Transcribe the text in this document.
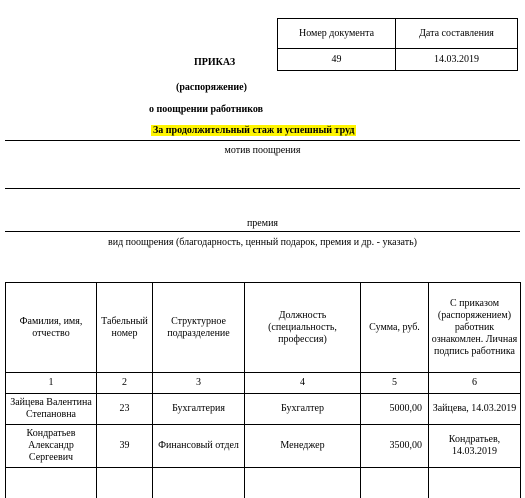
Номер документа	Дата составления
49	14.03.2019
ПРИКАЗ
(распоряжение)
о поощрении работников
За продолжительный стаж и успешный труд
мотив поощрения
премия
вид поощрения (благодарность, ценный подарок, премия и др. - указать)
Фамилия, имя, отчество	Табельный номер	Структурное подразделение	Должность (специальность, профессия)	Сумма, руб.	С приказом (распоряжением) работник ознакомлен. Личная подпись работника
1	2	3	4	5	6
Зайцева Валентина Степановна	23	Бухгалтерия	Бухгалтер	5000,00	Зайцева, 14.03.2019
Кондратьев Александр Сергеевич	39	Финансовый отдел	Менеджер	3500,00	Кондратьев, 14.03.2019
